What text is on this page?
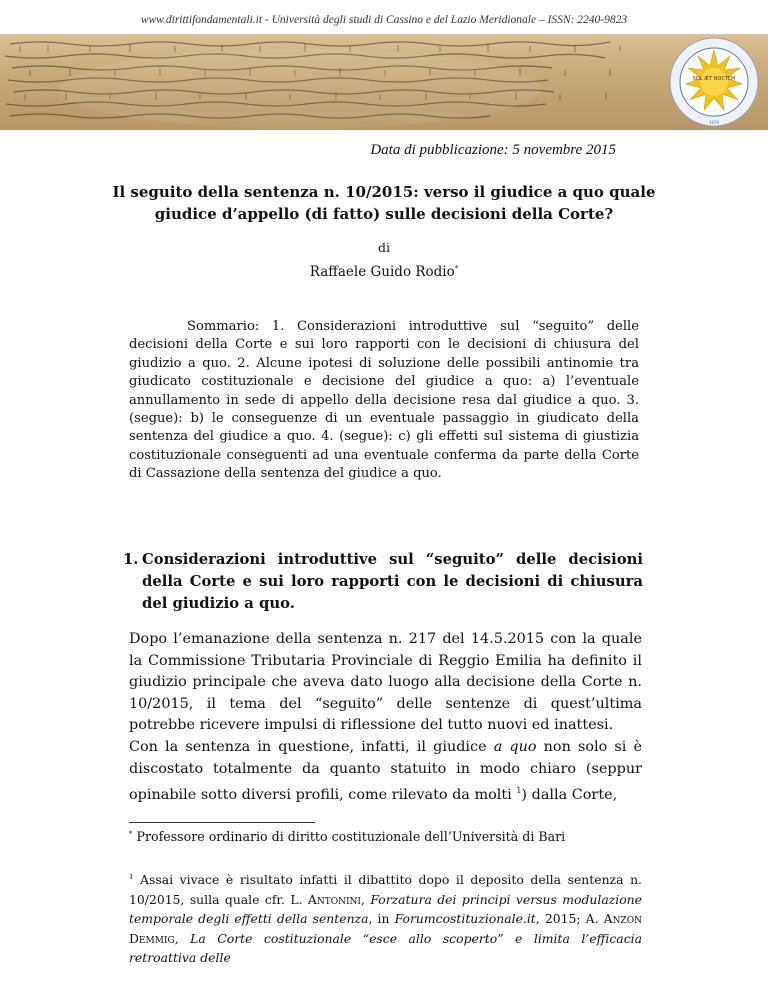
www.dirittifondamentali.it - Università degli studi di Cassino e del Lazio Meridionale – ISSN: 2240-9823
SOL ÆT NOCTEM
1979
Data di pubblicazione: 5 novembre 2015
Il seguito della sentenza n. 10/2015: verso il giudice a quo quale
giudice d’appello (di fatto) sulle decisioni della Corte?
di
Raffaele Guido Rodio*

Sommario: 1. Considerazioni introduttive sul “seguito” delle decisioni della Corte e sui loro rapporti con le decisioni di chiusura del giudizio a quo. 2. Alcune ipotesi di soluzione delle possibili antinomie tra giudicato costituzionale e decisione del giudice a quo: a) l’eventuale annullamento in sede di appello della decisione resa dal giudice a quo. 3. (segue): b) le conseguenze di un eventuale passaggio in giudicato della sentenza del giudice a quo. 4. (segue): c) gli effetti sul sistema di giustizia costituzionale conseguenti ad una eventuale conferma da parte della Corte di Cassazione della sentenza del giudice a quo.

1. Considerazioni introduttive sul “seguito” delle decisioni della Corte e sui loro rapporti con le decisioni di chiusura del giudizio a quo.

Dopo l’emanazione della sentenza n. 217 del 14.5.2015 con la quale la Commissione Tributaria Provinciale di Reggio Emilia ha definito il giudizio principale che aveva dato luogo alla decisione della Corte n. 10/2015, il tema del “seguito” delle sentenze di quest’ultima potrebbe ricevere impulsi di riflessione del tutto nuovi ed inattesi.

Con la sentenza in questione, infatti, il giudice a quo non solo si è discostato totalmente da quanto statuito in modo chiaro (seppur opinabile sotto diversi profili, come rilevato da molti $^1$) dalla Corte,

* Professore ordinario di diritto costituzionale dell’Università di Bari

$^1$ Assai vivace è risultato infatti il dibattito dopo il deposito della sentenza n. 10/2015, sulla quale cfr. L. Antonini, Forzatura dei principi versus modulazione temporale degli effetti della sentenza, in Forumcostituzionale.it, 2015; A. Anzon Demmig, La Corte costituzionale “esce allo scoperto” e limita l’efficacia retroattiva delle
